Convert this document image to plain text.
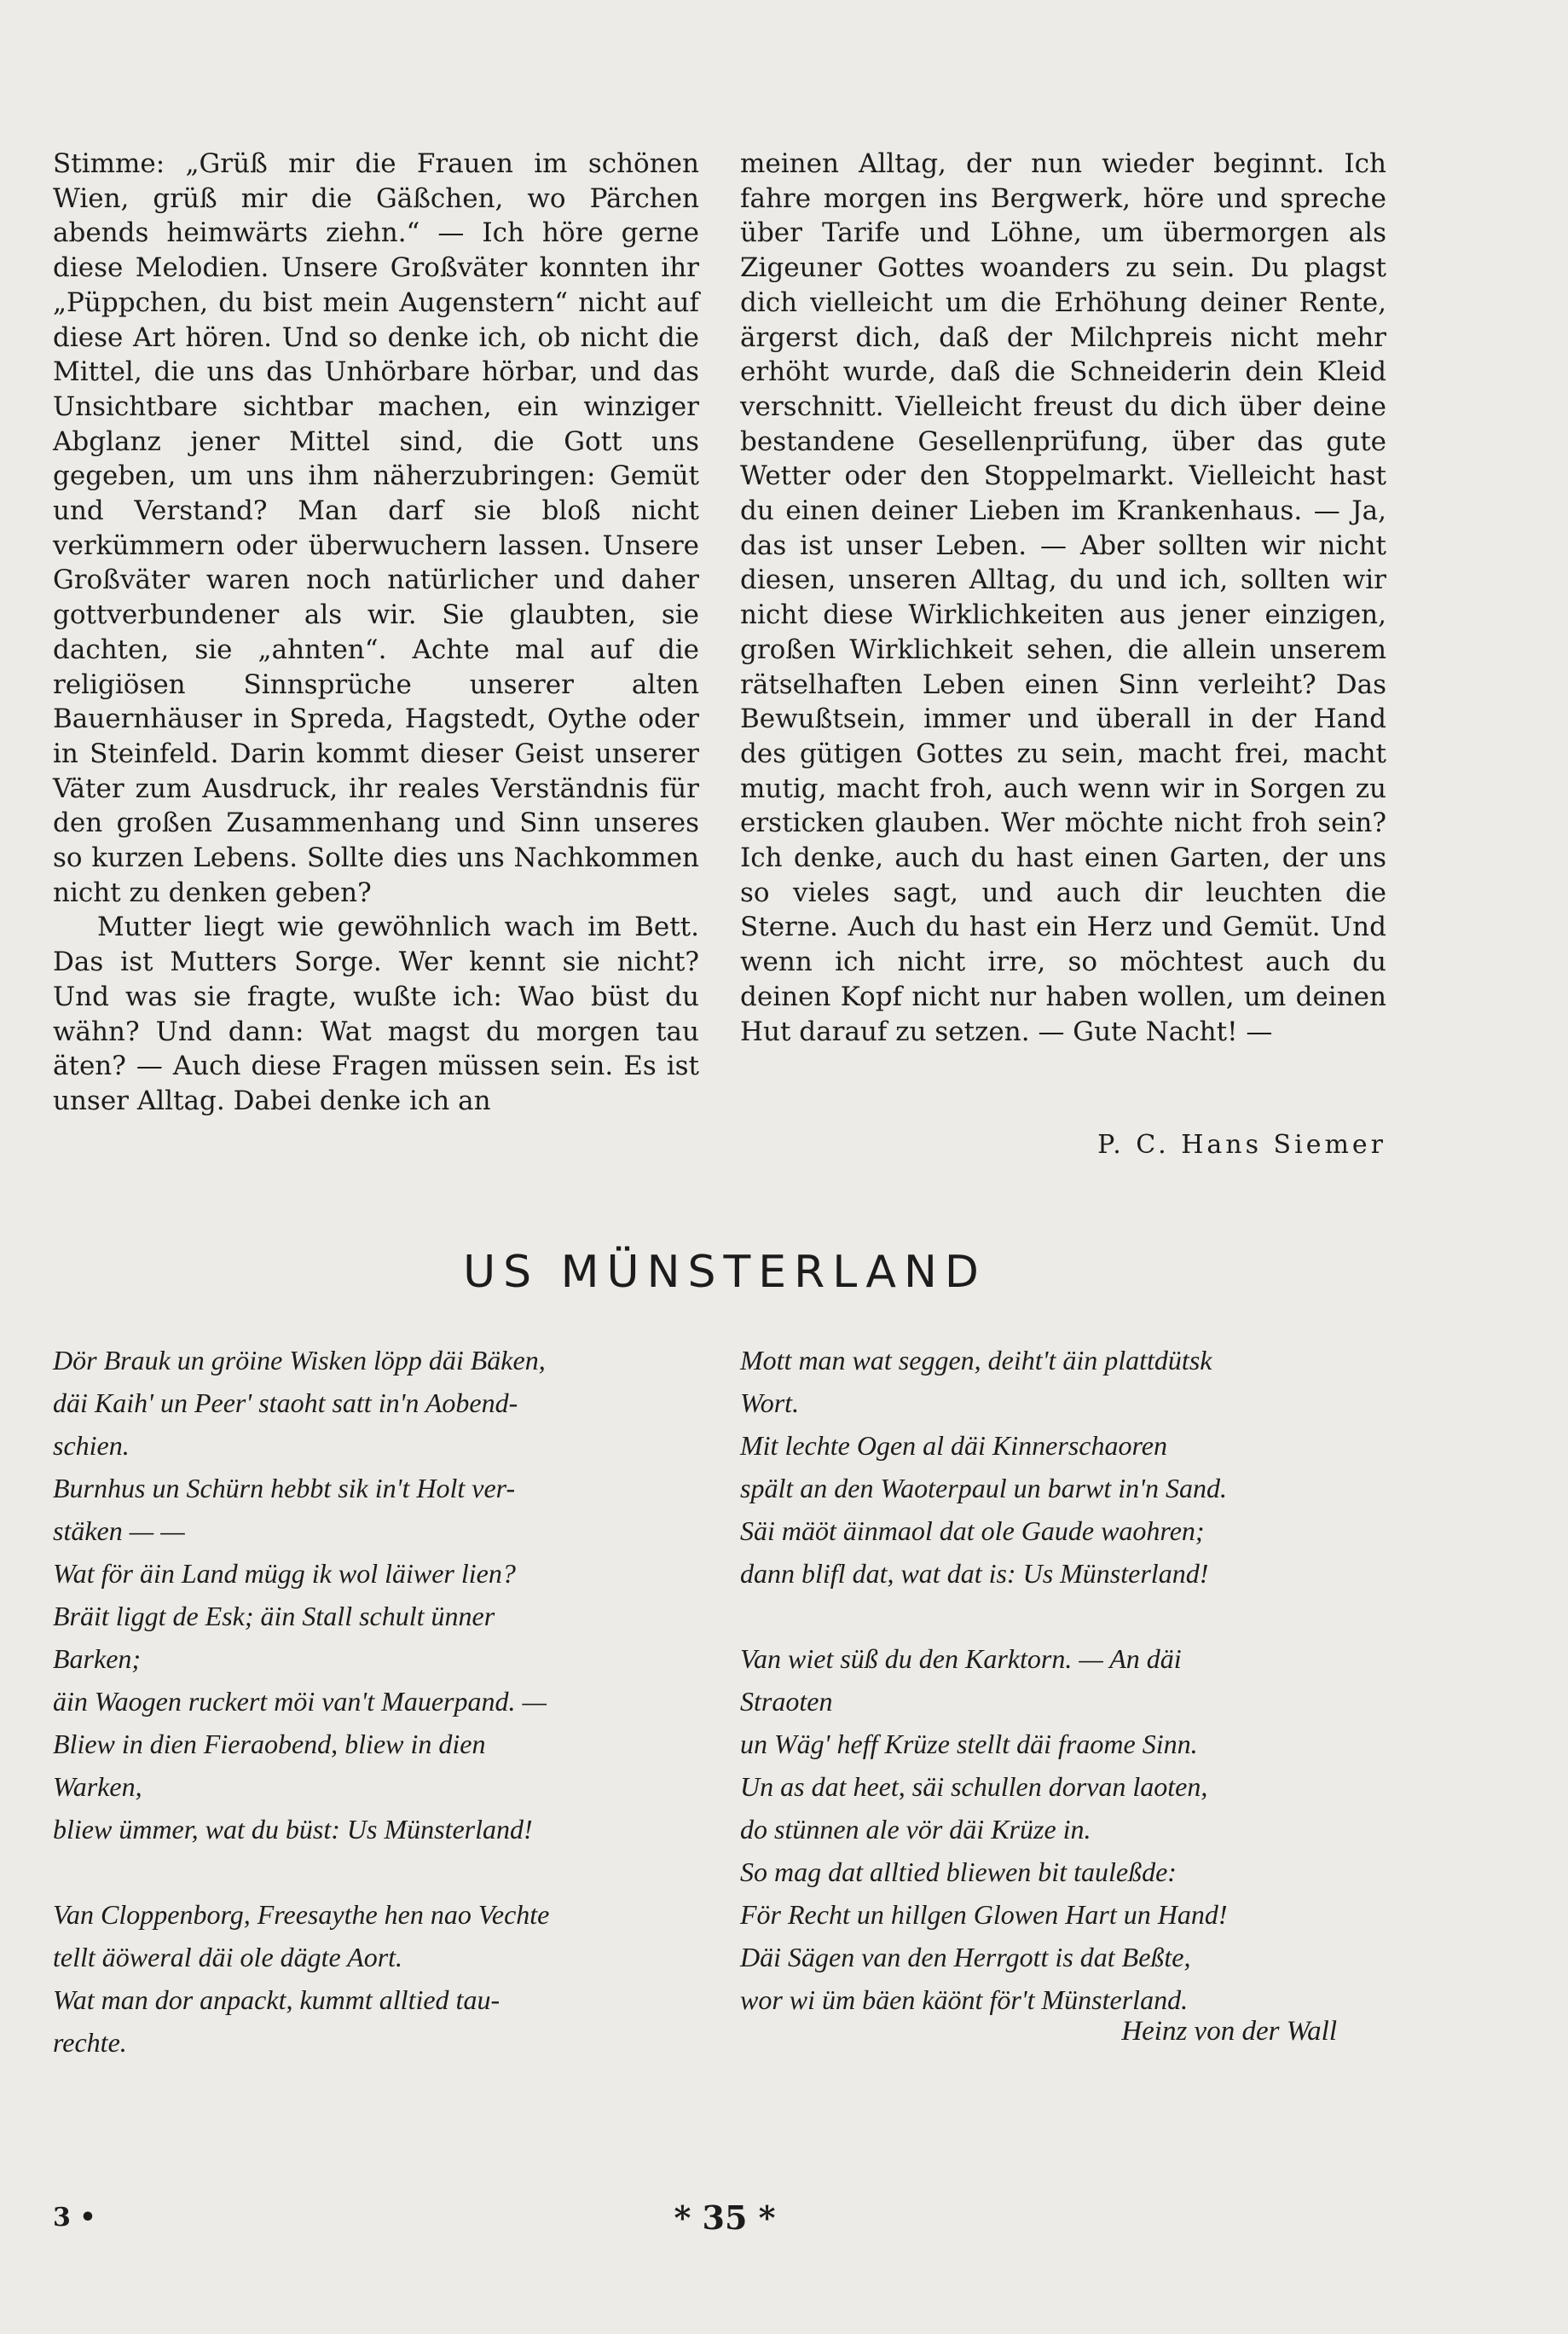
Stimme: „Grüß mir die Frauen im schönen Wien, grüß mir die Gäßchen, wo Pärchen abends heimwärts ziehn.“ — Ich höre gerne diese Melodien. Unsere Großväter konnten ihr „Püppchen, du bist mein Augenstern“ nicht auf diese Art hören. Und so denke ich, ob nicht die Mittel, die uns das Unhörbare hörbar, und das Unsichtbare sichtbar machen, ein winziger Abglanz jener Mittel sind, die Gott uns gegeben, um uns ihm näherzubringen: Gemüt und Verstand? Man darf sie bloß nicht verkümmern oder überwuchern lassen. Unsere Großväter waren noch natürlicher und daher gottverbundener als wir. Sie glaubten, sie dachten, sie „ahnten“. Achte mal auf die religiösen Sinnsprüche unserer alten Bauernhäuser in Spreda, Hagstedt, Oythe oder in Steinfeld. Darin kommt dieser Geist unserer Väter zum Ausdruck, ihr reales Verständnis für den großen Zusammenhang und Sinn unseres so kurzen Lebens. Sollte dies uns Nachkommen nicht zu denken geben?

Mutter liegt wie gewöhnlich wach im Bett. Das ist Mutters Sorge. Wer kennt sie nicht? Und was sie fragte, wußte ich: Wao büst du wähn? Und dann: Wat magst du morgen tau äten? — Auch diese Fragen müssen sein. Es ist unser Alltag. Dabei denke ich an

meinen Alltag, der nun wieder beginnt. Ich fahre morgen ins Bergwerk, höre und spreche über Tarife und Löhne, um übermorgen als Zigeuner Gottes woanders zu sein. Du plagst dich vielleicht um die Erhöhung deiner Rente, ärgerst dich, daß der Milchpreis nicht mehr erhöht wurde, daß die Schneiderin dein Kleid verschnitt. Vielleicht freust du dich über deine bestandene Gesellenprüfung, über das gute Wetter oder den Stoppelmarkt. Vielleicht hast du einen deiner Lieben im Krankenhaus. — Ja, das ist unser Leben. — Aber sollten wir nicht diesen, unseren Alltag, du und ich, sollten wir nicht diese Wirklichkeiten aus jener einzigen, großen Wirklichkeit sehen, die allein unserem rätselhaften Leben einen Sinn verleiht? Das Bewußtsein, immer und überall in der Hand des gütigen Gottes zu sein, macht frei, macht mutig, macht froh, auch wenn wir in Sorgen zu ersticken glauben. Wer möchte nicht froh sein? Ich denke, auch du hast einen Garten, der uns so vieles sagt, und auch dir leuchten die Sterne. Auch du hast ein Herz und Gemüt. Und wenn ich nicht irre, so möchtest auch du deinen Kopf nicht nur haben wollen, um deinen Hut darauf zu setzen. — Gute Nacht! —

P. C. Hans Siemer
US MÜNSTERLAND
Dör Brauk un gröine Wisken löpp däi Bäken,
däi Kaih' un Peer' staoht satt in'n Aobend-
schien.
Burnhus un Schürn hebbt sik in't Holt ver-
stäken — —
Wat för äin Land mügg ik wol läiwer lien?
Bräit liggt de Esk; äin Stall schult ünner
Barken;
äin Waogen ruckert möi van't Mauerpand. —
Bliew in dien Fieraobend, bliew in dien
Warken,
bliew ümmer, wat du büst: Us Münsterland!
Van Cloppenborg, Freesaythe hen nao Vechte
tellt äöweral däi ole dägte Aort.
Wat man dor anpackt, kummt alltied tau-
rechte.
Mott man wat seggen, deiht't äin plattdütsk
Wort.
Mit lechte Ogen al däi Kinnerschaoren
spält an den Waoterpaul un barwt in'n Sand.
Säi mäöt äinmaol dat ole Gaude waohren;
dann blifl dat, wat dat is: Us Münsterland!
Van wiet süß du den Karktorn. — An däi
Straoten
un Wäg' heff Krüze stellt däi fraome Sinn.
Un as dat heet, säi schullen dorvan laoten,
do stünnen ale vör däi Krüze in.
So mag dat alltied bliewen bit tauleßde:
För Recht un hillgen Glowen Hart un Hand!
Däi Sägen van den Herrgott is dat Beßte,
wor wi üm bäen käönt för't Münsterland.
Heinz von der Wall
3 •	* 35 *
